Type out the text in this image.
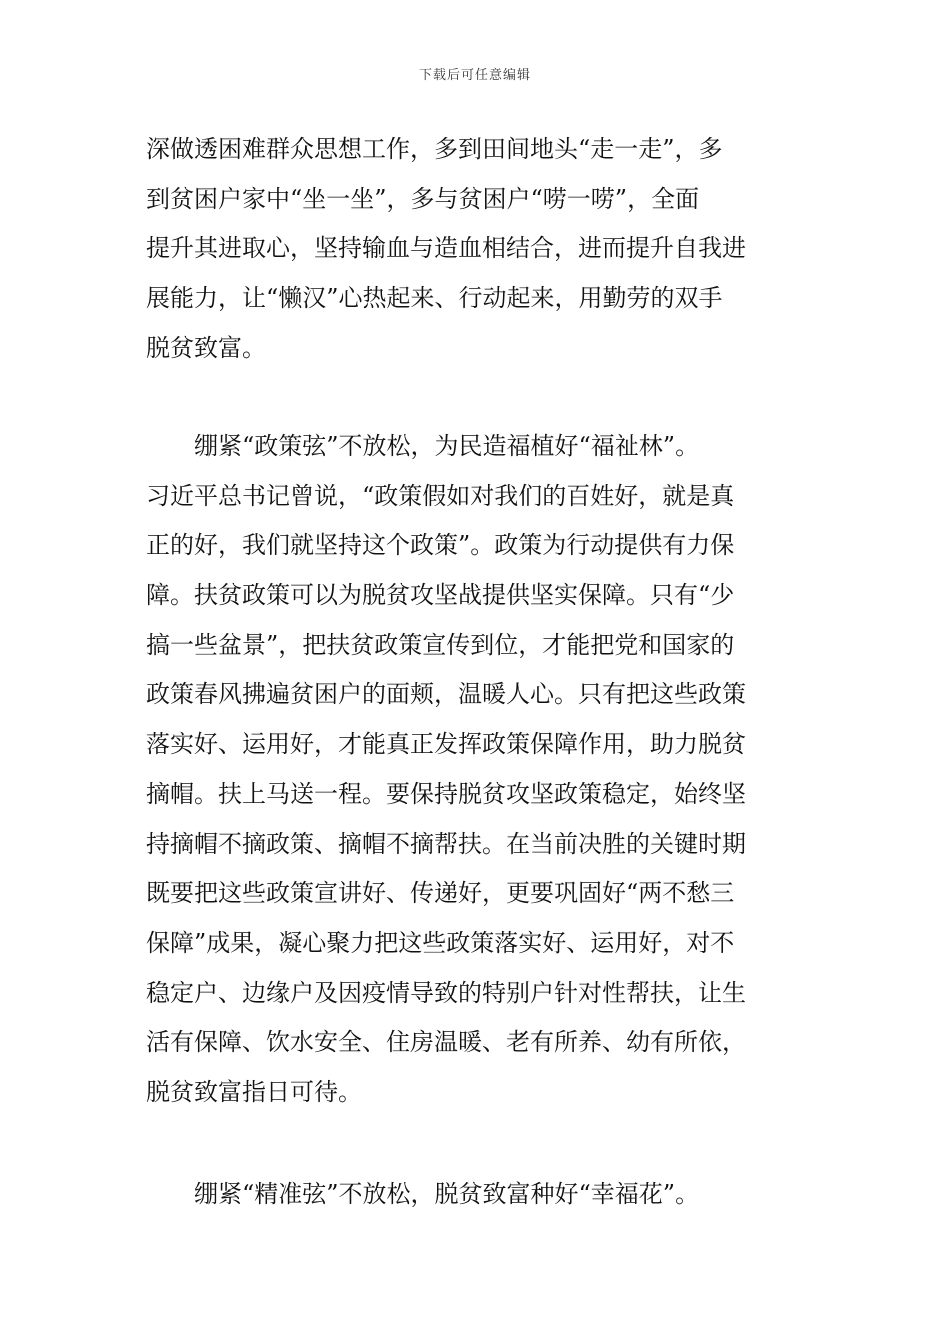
下载后可任意编辑
深做透困难群众思想工作，多到田间地头“走一走”，多
到贫困户家中“坐一坐”，多与贫困户“唠一唠”，全面
提升其进取心，坚持输血与造血相结合，进而提升自我进
展能力，让“懒汉”心热起来、行动起来，用勤劳的双手
脱贫致富。
绷紧“政策弦”不放松，为民造福植好“福祉林”。
习近平总书记曾说，“政策假如对我们的百姓好，就是真
正的好，我们就坚持这个政策”。政策为行动提供有力保
障。扶贫政策可以为脱贫攻坚战提供坚实保障。只有“少
搞一些盆景”，把扶贫政策宣传到位，才能把党和国家的
政策春风拂遍贫困户的面颊，温暖人心。只有把这些政策
落实好、运用好，才能真正发挥政策保障作用，助力脱贫
摘帽。扶上马送一程。要保持脱贫攻坚政策稳定，始终坚
持摘帽不摘政策、摘帽不摘帮扶。在当前决胜的关键时期
既要把这些政策宣讲好、传递好，更要巩固好“两不愁三
保障”成果，凝心聚力把这些政策落实好、运用好，对不
稳定户、边缘户及因疫情导致的特别户针对性帮扶，让生
活有保障、饮水安全、住房温暖、老有所养、幼有所依，
脱贫致富指日可待。
绷紧“精准弦”不放松，脱贫致富种好“幸福花”。
